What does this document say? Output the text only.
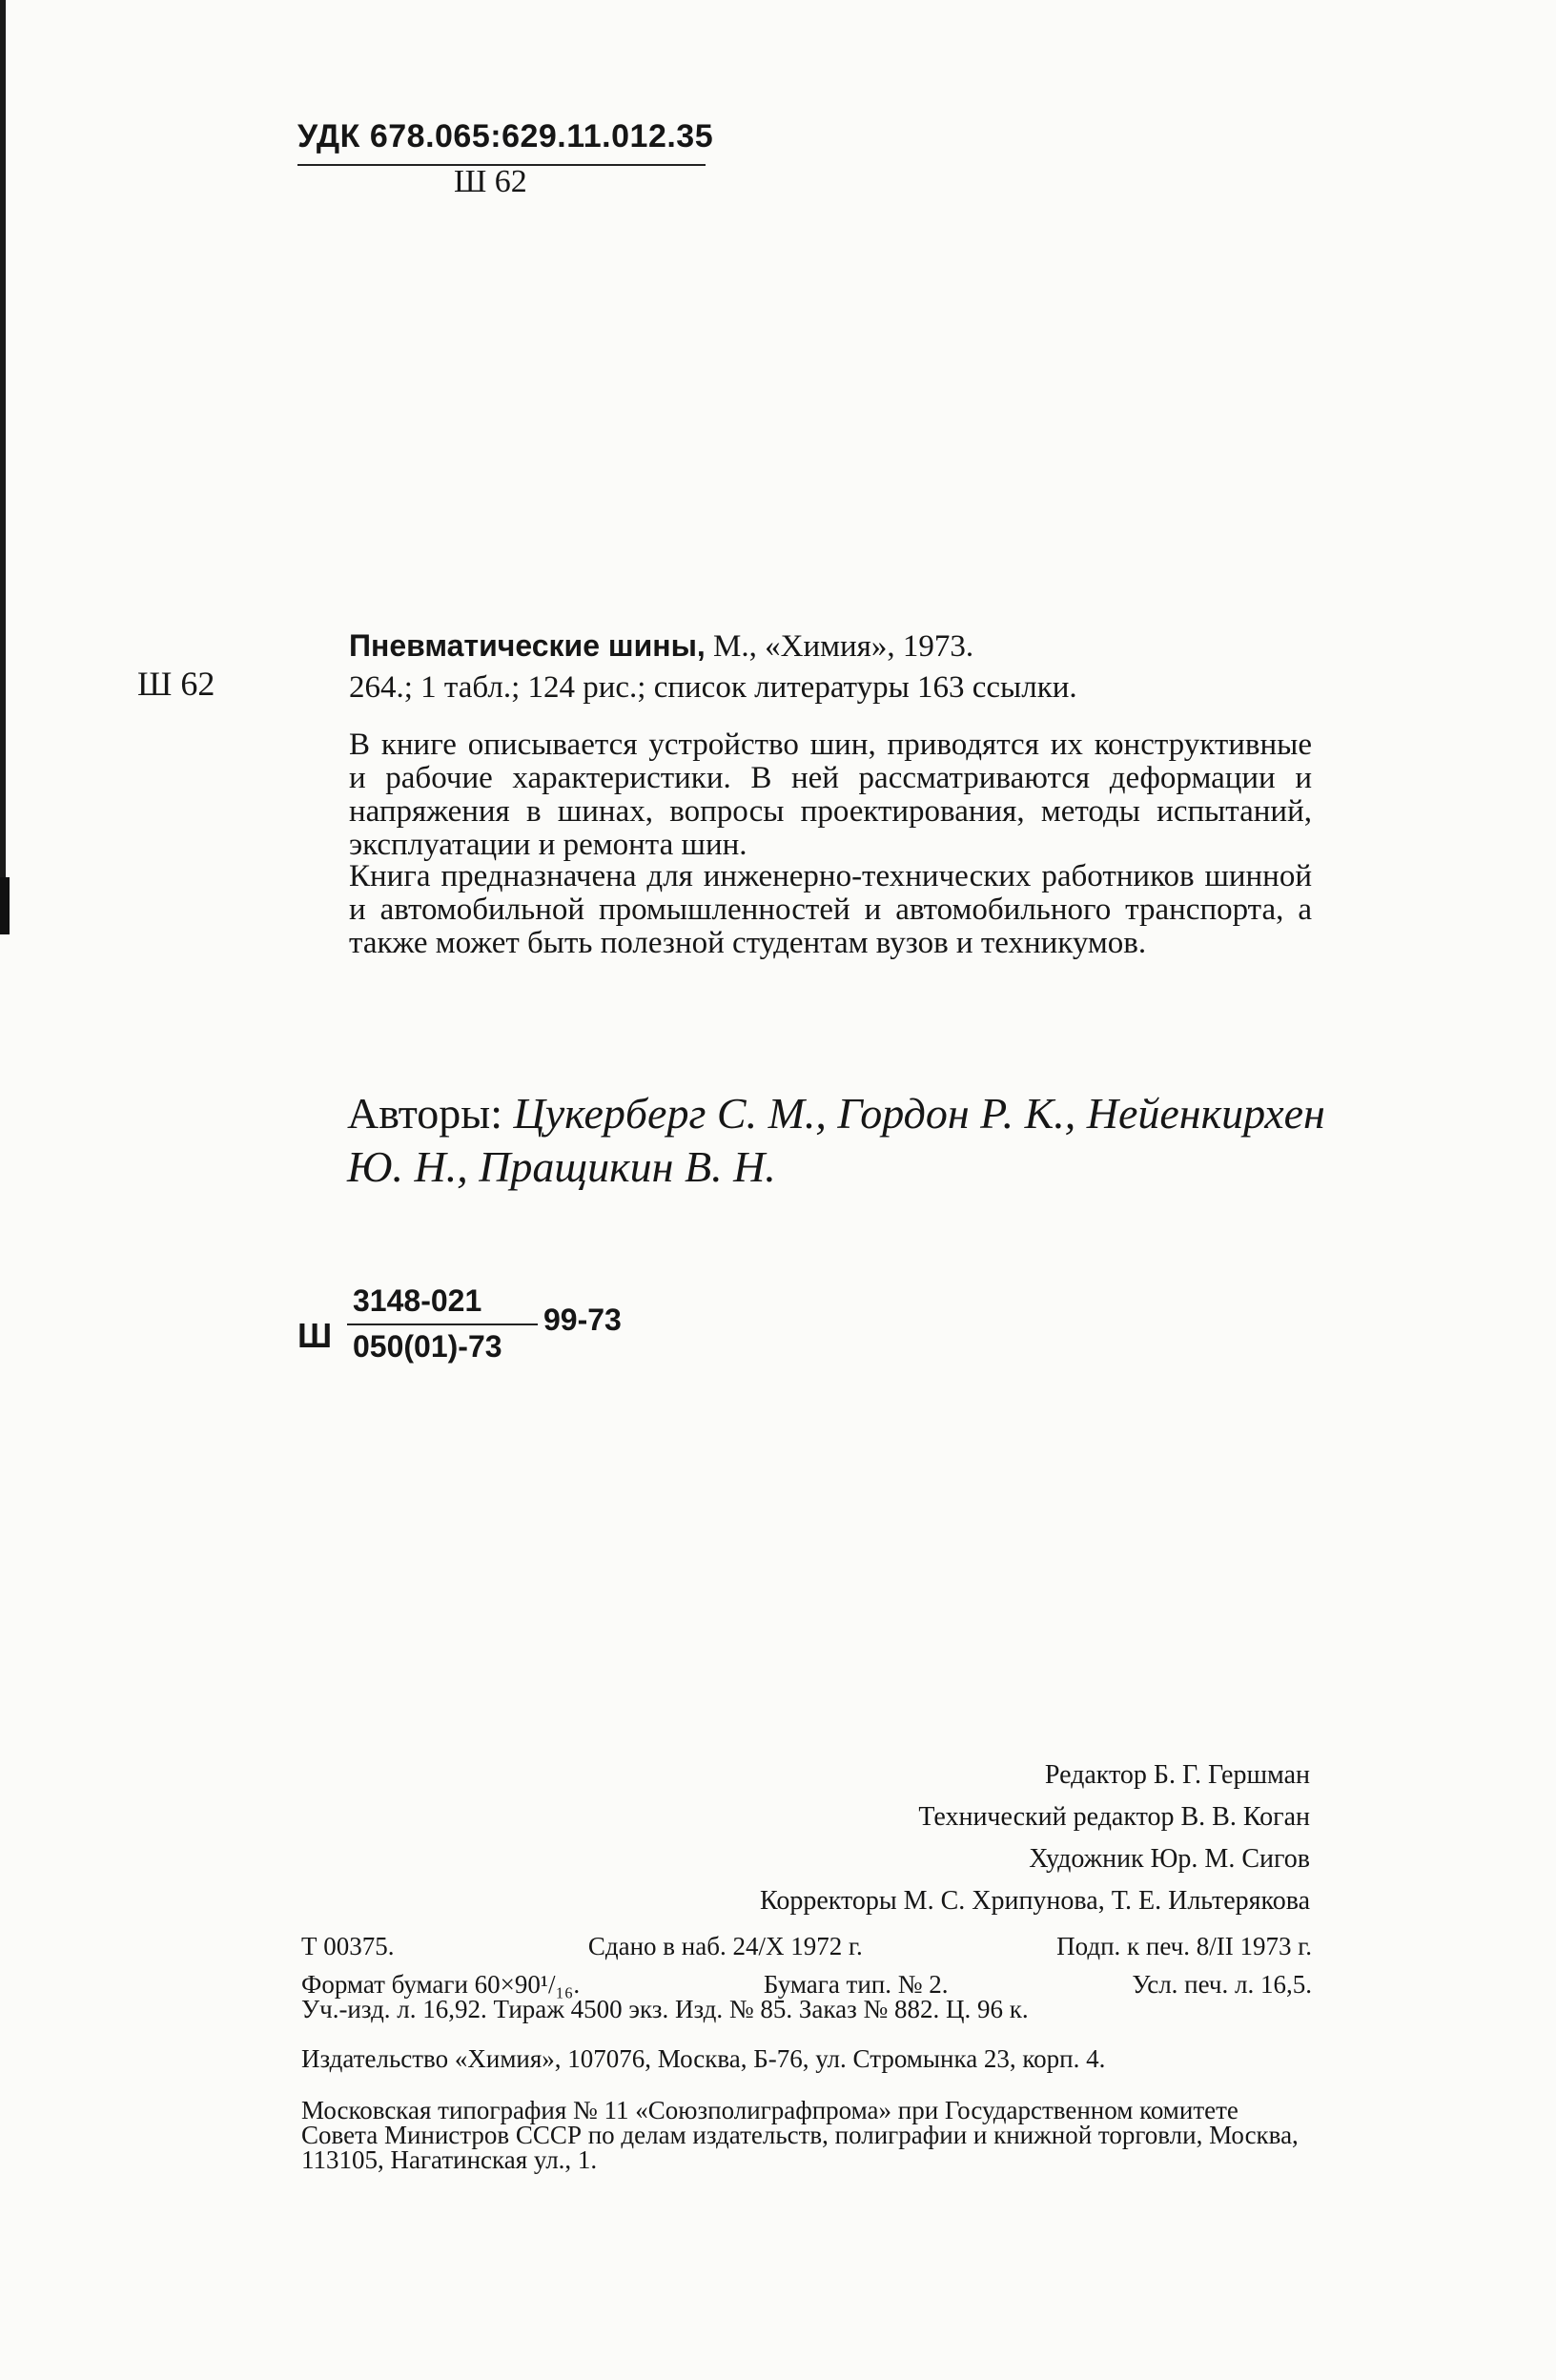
УДК 678.065:629.11.012.35
Ш 62
Ш 62
Пневматические шины, М., «Химия», 1973.
264.; 1 табл.; 124 рис.; список литературы 163 ссылки.
В книге описывается устройство шин, приводятся их конструктивные и рабочие характеристики. В ней рассматриваются деформации и напряжения в шинах, вопросы проектирования, методы испытаний, эксплуатации и ремонта шин.
Книга предназначена для инженерно-технических работников шинной и автомобильной промышленностей и автомобильного транспорта, а также может быть полезной студентам вузов и техникумов.
Авторы: Цукерберг С. М., Гордон Р. К., Нейенкирхен Ю. Н., Пращикин В. Н.
Ш
3148-021
050(01)-73
99-73
Редактор Б. Г. Гершман
Технический редактор В. В. Коган
Художник Юр. М. Сигов
Корректоры М. С. Хрипунова, Т. Е. Ильтерякова
Т 00375.	Сдано в наб. 24/X 1972 г.	Подп. к печ. 8/II 1973 г.
Формат бумаги 60×90¹/₁₆.	Бумага тип. № 2.	Усл. печ. л. 16,5.
Уч.-изд. л. 16,92. Тираж 4500 экз. Изд. № 85. Заказ № 882. Ц. 96 к.
Издательство «Химия», 107076, Москва, Б-76, ул. Стромынка 23, корп. 4.
Московская типография № 11 «Союзполиграфпрома» при Государственном комитете Совета Министров СССР по делам издательств, полиграфии и книжной торговли, Москва, 113105, Нагатинская ул., 1.
